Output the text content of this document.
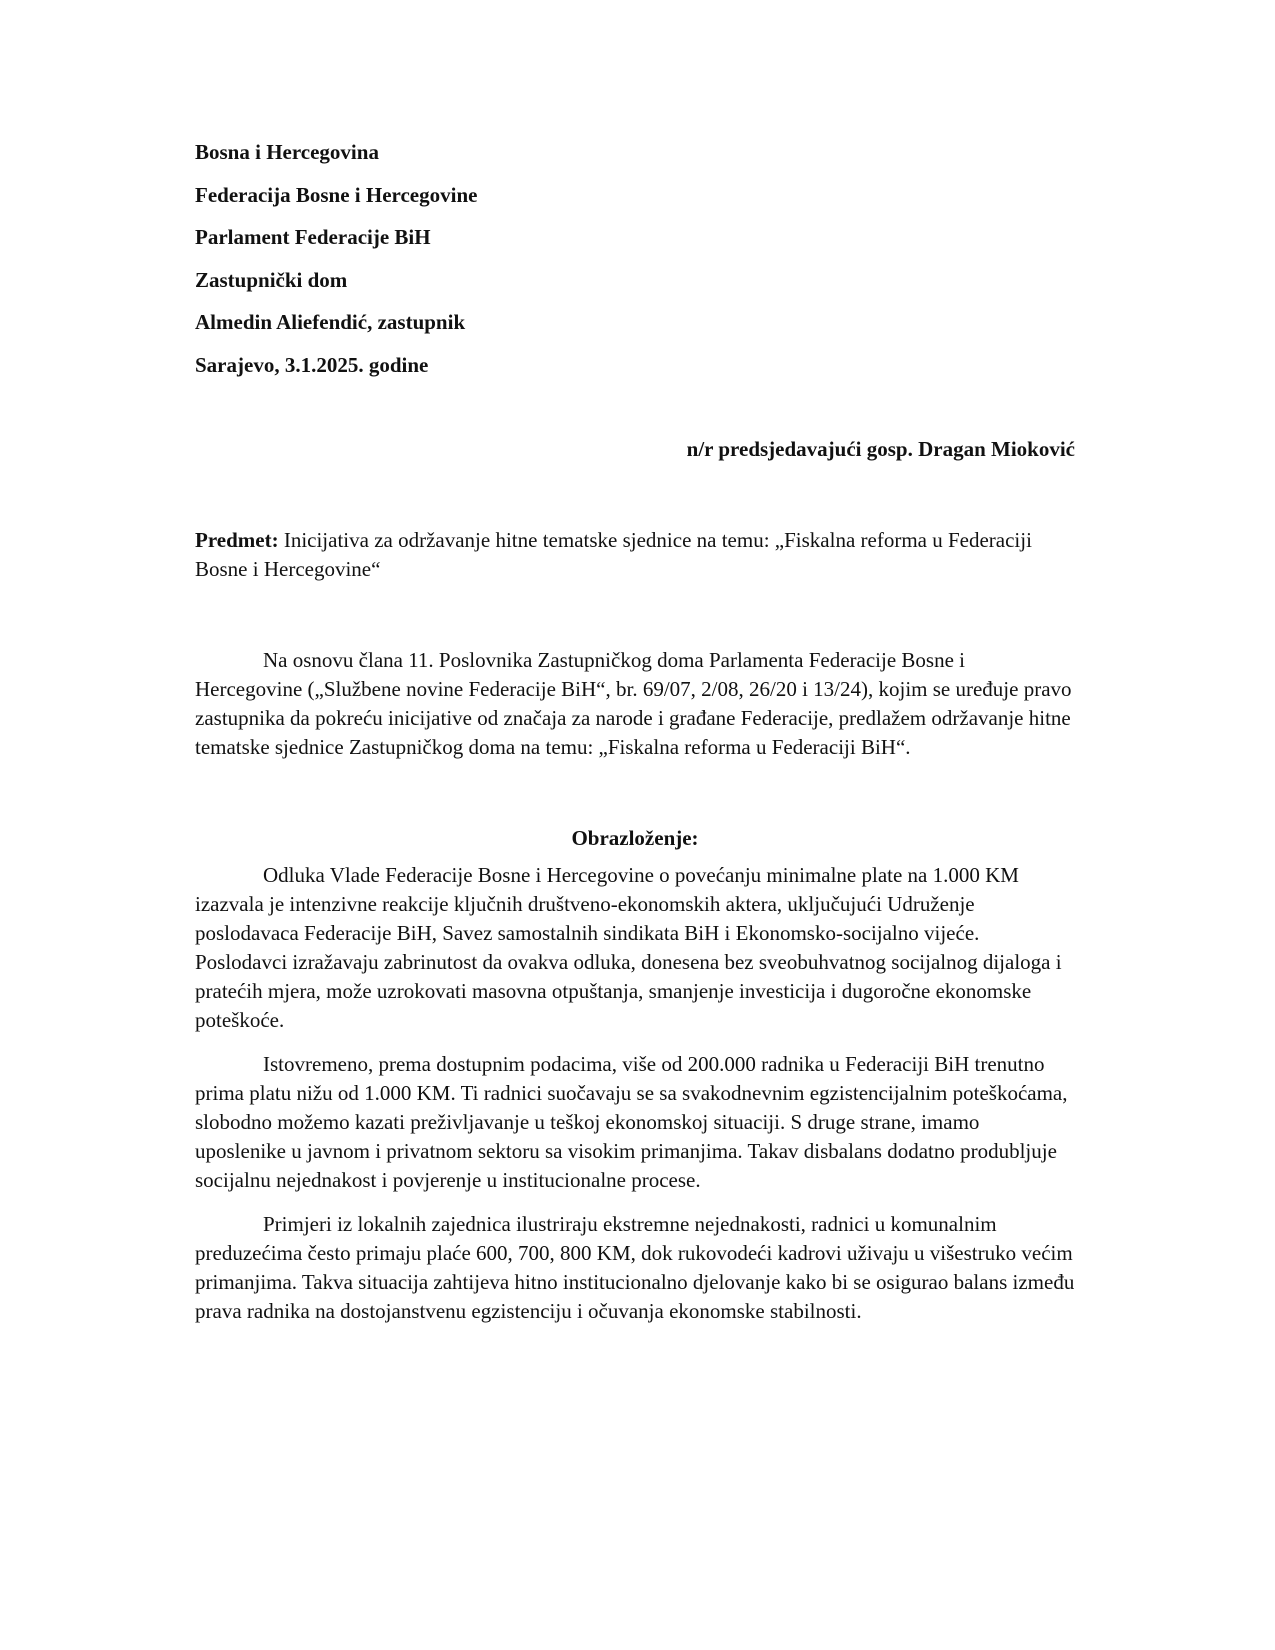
Bosna i Hercegovina
Federacija Bosne i Hercegovine
Parlament Federacije BiH
Zastupnički dom
Almedin Aliefendić, zastupnik
Sarajevo, 3.1.2025. godine
n/r predsjedavajući gosp. Dragan Mioković
Predmet: Inicijativa za održavanje hitne tematske sjednice na temu: „Fiskalna reforma u Federaciji Bosne i Hercegovine“

Na osnovu člana 11. Poslovnika Zastupničkog doma Parlamenta Federacije Bosne i Hercegovine („Službene novine Federacije BiH“, br. 69/07, 2/08, 26/20 i 13/24), kojim se uređuje pravo zastupnika da pokreću inicijative od značaja za narode i građane Federacije, predlažem održavanje hitne tematske sjednice Zastupničkog doma na temu: „Fiskalna reforma u Federaciji BiH“.

Obrazloženje:

Odluka Vlade Federacije Bosne i Hercegovine o povećanju minimalne plate na 1.000 KM izazvala je intenzivne reakcije ključnih društveno-ekonomskih aktera, uključujući Udruženje poslodavaca Federacije BiH, Savez samostalnih sindikata BiH i Ekonomsko-socijalno vijeće. Poslodavci izražavaju zabrinutost da ovakva odluka, donesena bez sveobuhvatnog socijalnog dijaloga i pratećih mjera, može uzrokovati masovna otpuštanja, smanjenje investicija i dugoročne ekonomske poteškoće.

Istovremeno, prema dostupnim podacima, više od 200.000 radnika u Federaciji BiH trenutno prima platu nižu od 1.000 KM. Ti radnici suočavaju se sa svakodnevnim egzistencijalnim poteškoćama, slobodno možemo kazati preživljavanje u teškoj ekonomskoj situaciji. S druge strane, imamo uposlenike u javnom i privatnom sektoru sa visokim primanjima. Takav disbalans dodatno produbljuje socijalnu nejednakost i povjerenje u institucionalne procese.

Primjeri iz lokalnih zajednica ilustriraju ekstremne nejednakosti, radnici u komunalnim preduzećima često primaju plaće 600, 700, 800 KM, dok rukovodeći kadrovi uživaju u višestruko većim primanjima. Takva situacija zahtijeva hitno institucionalno djelovanje kako bi se osigurao balans između prava radnika na dostojanstvenu egzistenciju i očuvanja ekonomske stabilnosti.
